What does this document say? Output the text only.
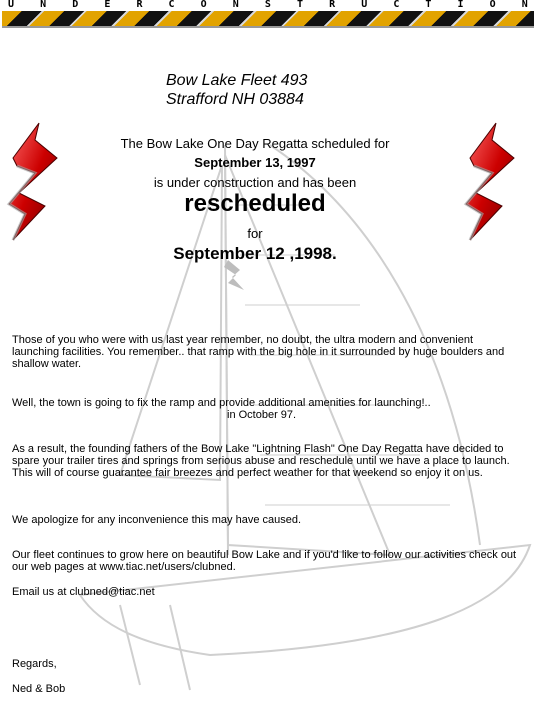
U	N	D	E	R	C	O	N	S	T	R	U	C	T	I	O	N
Bow Lake Fleet 493
Strafford NH 03884
The Bow Lake One Day Regatta scheduled for
September 13, 1997
is under construction and has been
rescheduled
for
September 12 ,1998.
Those of you who were with us last year remember, no doubt, the ultra modern and convenient launching facilities. You remember.. that ramp with the big hole in it surrounded by huge boulders and shallow water.
Well, the town is going to fix the ramp and provide additional amenities for launching!..
in October 97.
As a result, the founding fathers of the Bow Lake "Lightning Flash" One Day Regatta have decided to spare your trailer tires and springs from serious abuse and reschedule until we have a place to launch. This will of course guarantee fair breezes and perfect weather for that weekend so enjoy it on us.
We apologize for any inconvenience this may have caused.
Our fleet continues to grow here on beautiful Bow Lake and if you'd like to follow our activities check out our web pages at www.tiac.net/users/clubned.
Email us at clubned@tiac.net
Regards,
Ned & Bob
